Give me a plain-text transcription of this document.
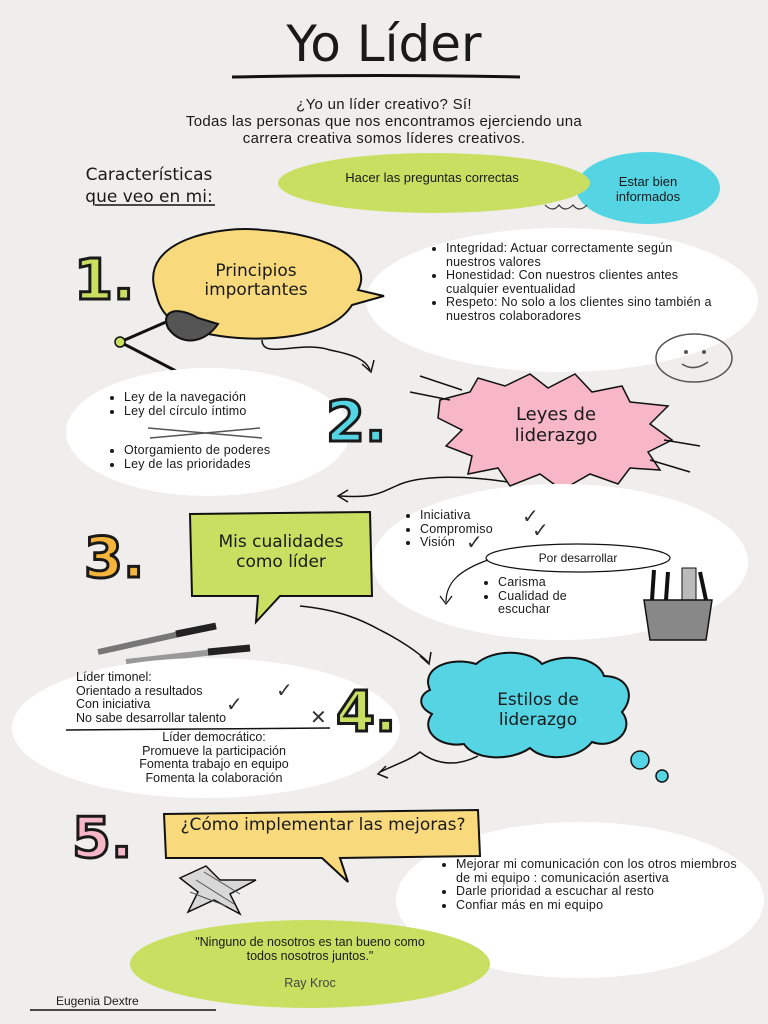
Yo Líder
¿Yo un líder creativo? Sí!
Todas las personas que nos encontramos ejerciendo una
carrera creativa somos líderes creativos.
Características
que veo en mi:
Hacer las preguntas correctas	Estar bien informados
1.	Principios importantes
• Integridad: Actuar correctamente según nuestros valores
• Honestidad: Con nuestros clientes antes cualquier eventualidad
• Respeto: No solo a los clientes sino también a nuestros colaboradores
• Ley de la navegación
• Ley del círculo íntimo
• Otorgamiento de poderes
• Ley de las prioridades
2.	Leyes de liderazgo
3.	Mis cualidades como líder
• Iniciativa
• Compromiso
• Visión
✓
✓
✓
Por desarrollar
• Carisma
• Cualidad de escuchar
Líder timonel:
Orientado a resultados
Con iniciativa
No sabe desarrollar talento
✓
✓
✕
Líder democrático:
Promueve la participación
Fomenta trabajo en equipo
Fomenta la colaboración
4.	Estilos de liderazgo
5.	¿Cómo implementar las mejoras?
• Mejorar mi comunicación con los otros miembros de mi equipo : comunicación asertiva
• Darle prioridad a escuchar al resto
• Confiar más en mi equipo
"Ninguno de nosotros es tan bueno como todos nosotros juntos."
Ray Kroc
Eugenia Dextre
